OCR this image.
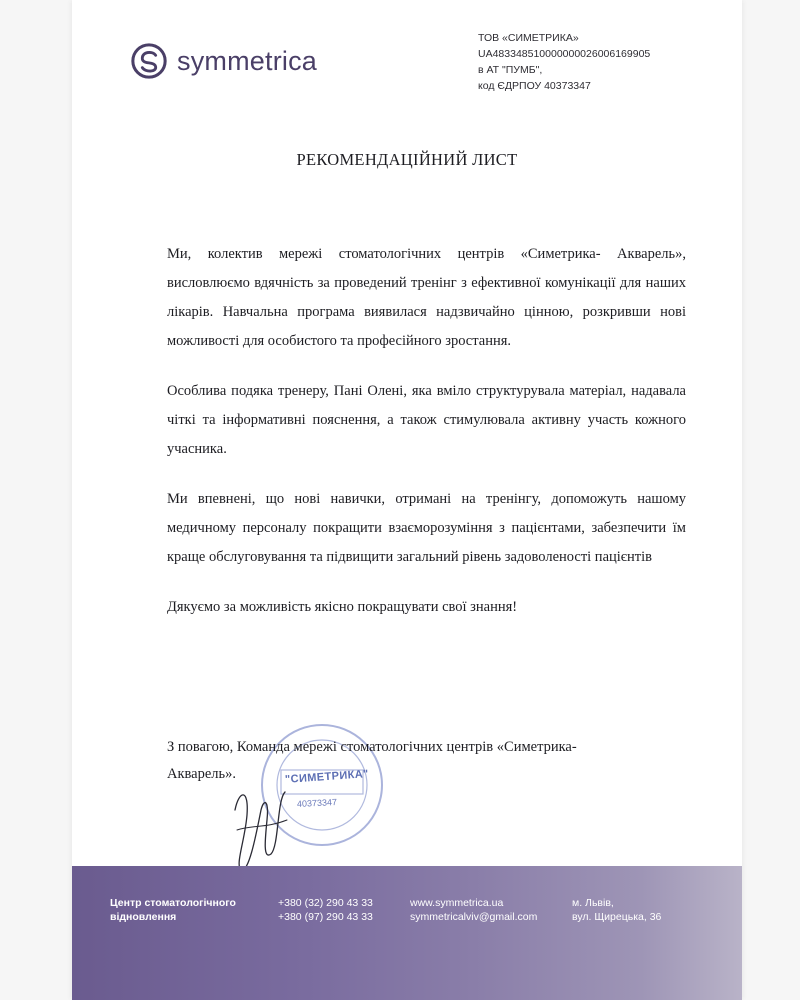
symmetrica
ТОВ «СИМЕТРИКА»
UA483348510000000026006169905
в АТ "ПУМБ",
код ЄДРПОУ 40373347
РЕКОМЕНДАЦІЙНИЙ ЛИСТ

Ми, колектив мережі стоматологічних центрів «Симетрика- Акварель», висловлюємо вдячність за проведений тренінг з ефективної комунікації для наших лікарів. Навчальна програма виявилася надзвичайно цінною, розкривши нові можливості для особистого та професійного зростання.

Особлива подяка тренеру, Пані Олені, яка вміло структурувала матеріал, надавала чіткі та інформативні пояснення, а також стимулювала активну участь кожного учасника.

Ми впевнені, що нові навички, отримані на тренінгу, допоможуть нашому медичному персоналу покращити взаєморозуміння з пацієнтами, забезпечити їм краще обслуговування та підвищити загальний рівень задоволеності пацієнтів

Дякуємо за можливість якісно покращувати свої знання!

"СИМЕТРИКА"
40373347
З повагою, Команда мережі стоматологічних центрів «Симетрика-
Акварель».
Центр стоматологічного
відновлення
+380 (32) 290 43 33
+380 (97) 290 43 33
www.symmetrica.ua
symmetricalviv@gmail.com
м. Львів,
вул. Щирецька, 36
